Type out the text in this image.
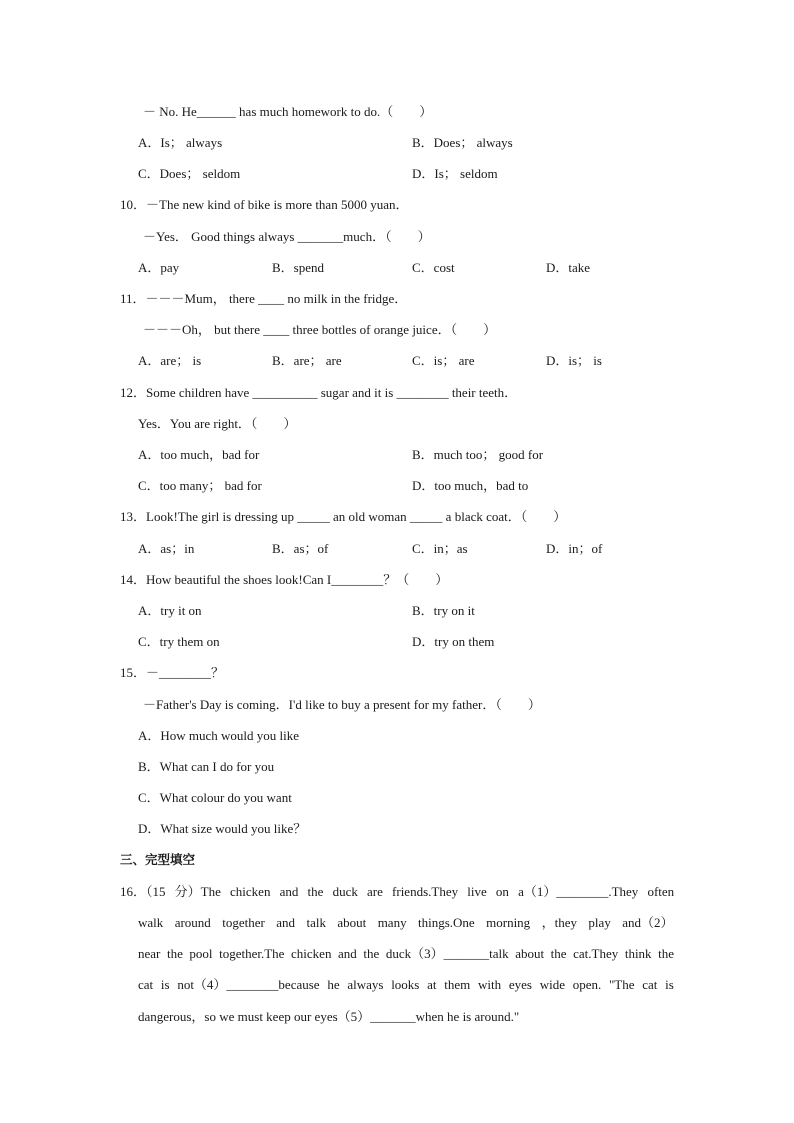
－ No. He______ has much homework to do.（　　）
A．Is； always	B．Does； always
C．Does； seldom	D．Is； seldom
10．－The new kind of bike is more than 5000 yuan．
－Yes． Good things always _______much．（　　）
A．pay	B．spend	C．cost	D．take
11．－－－Mum， there ____ no milk in the fridge．
－－－Oh， but there ____ three bottles of orange juice．（　　）
A．are； is	B．are； are	C．is； are	D．is； is
12．Some children have __________ sugar and it is ________ their teeth．
Yes．You are right．（　　）
A．too much，bad for	B．much too； good for
C．too many； bad for	D．too much，bad to
13．Look!The girl is dressing up _____ an old woman _____ a black coat．（　　）
A．as；in	B．as；of	C．in；as	D．in；of
14．How beautiful the shoes look!Can I________？（　　）
A．try it on	B．try on it
C．try them on	D．try on them
15．－________？
－Father's Day is coming．I'd like to buy a present for my father．（　　）
A．How much would you like
B．What can I do for you
C．What colour do you want
D．What size would you like？
三、完型填空
16．（15 分）The chicken and the duck are friends.They live on a（1）________.They often
walk around together and talk about many things.One morning ，they play and（2）
near the pool together.The chicken and the duck（3）_______talk about the cat.They think the
cat is not（4）________because he always looks at them with eyes wide open. "The cat is
dangerous，so we must keep our eyes（5）_______when he is around."
